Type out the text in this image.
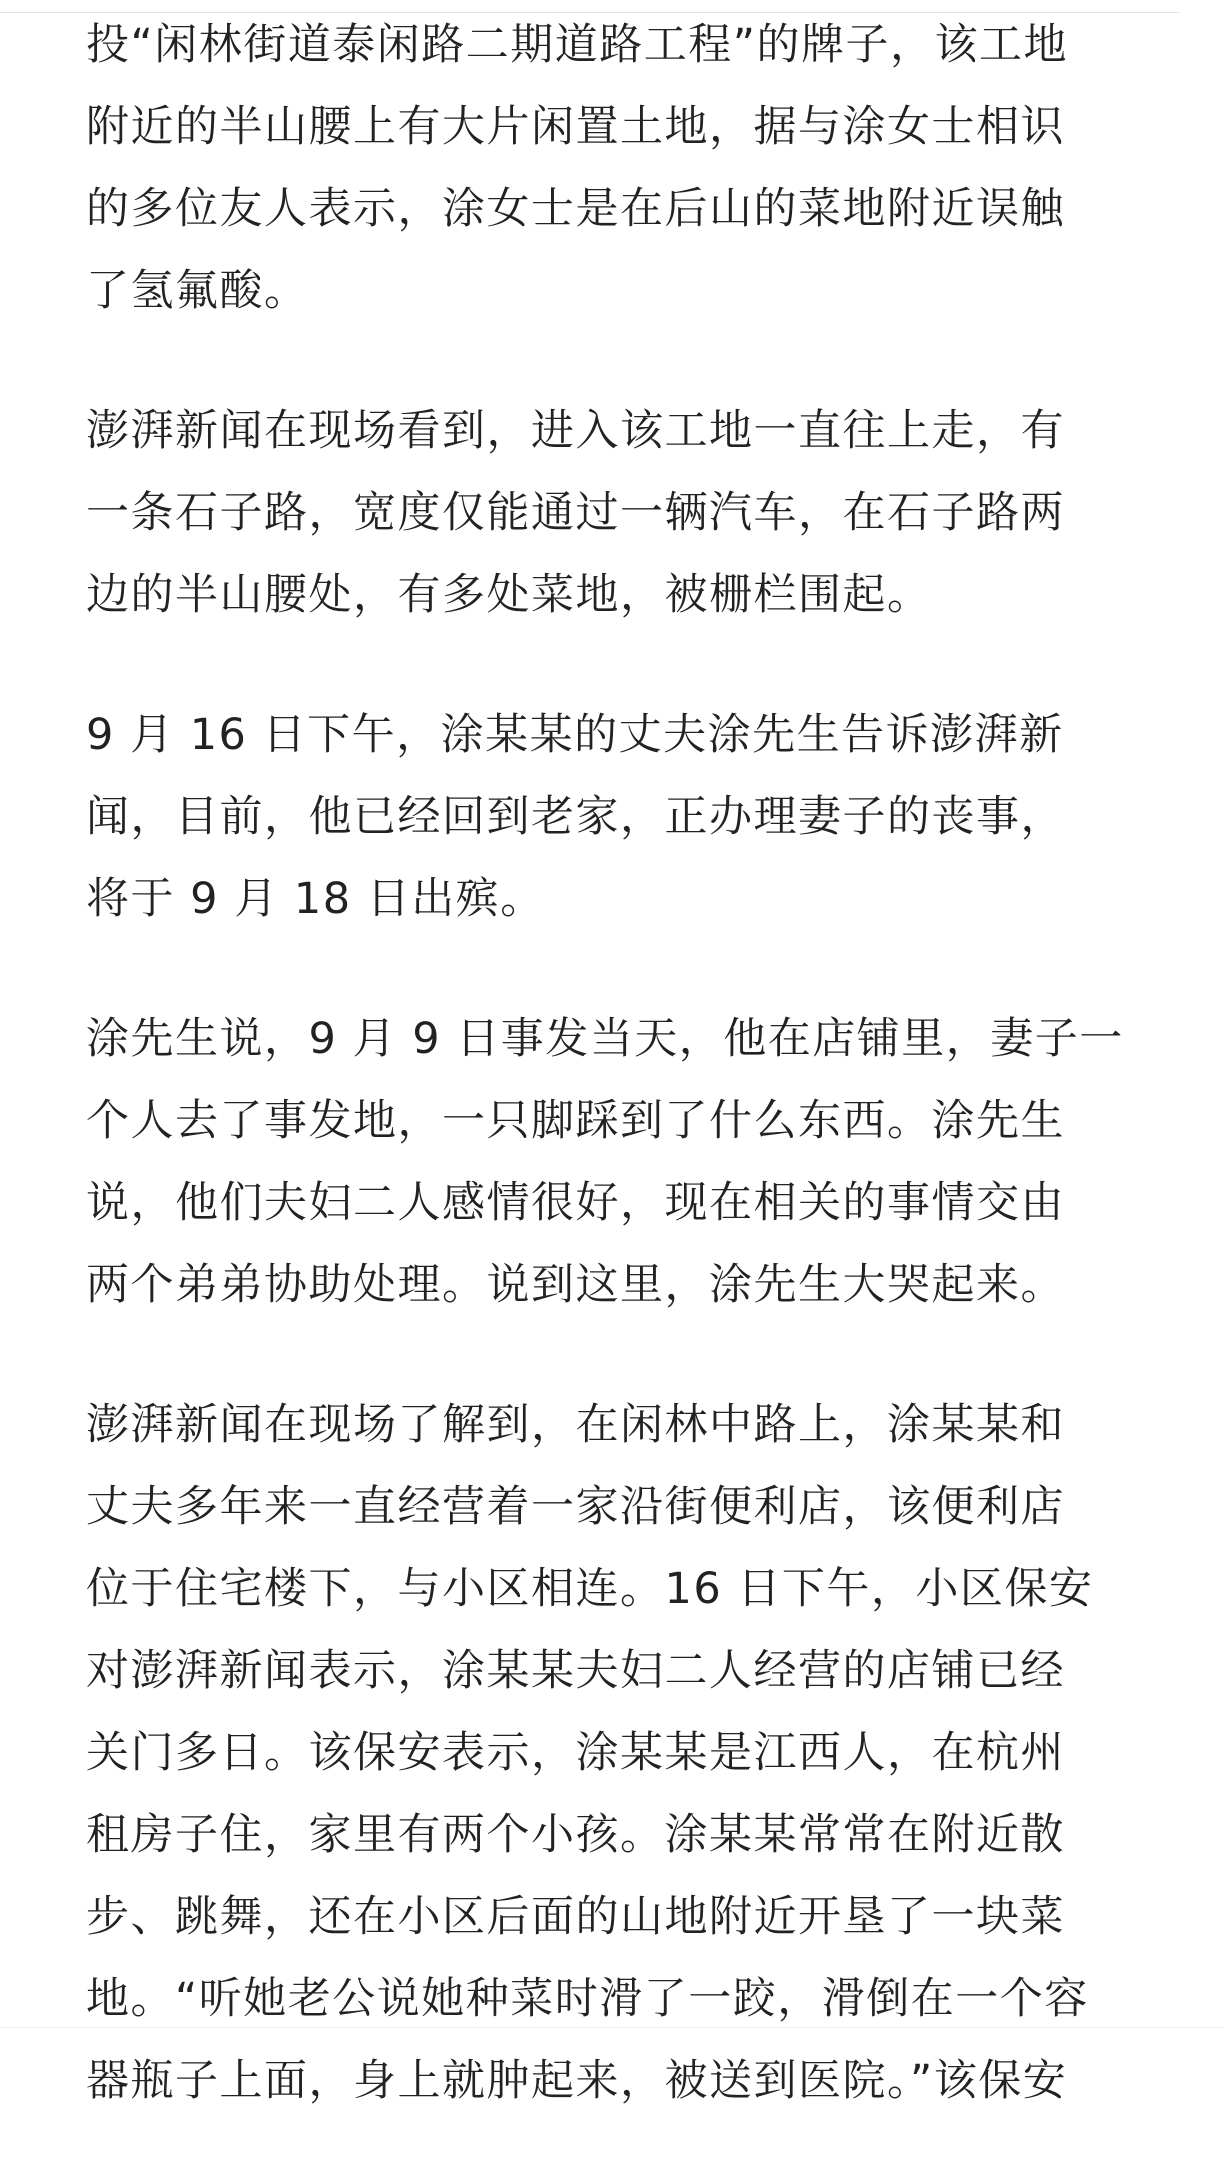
投“闲林街道泰闲路二期道路工程”的牌子，该工地
附近的半山腰上有大片闲置土地，据与涂女士相识
的多位友人表示，涂女士是在后山的菜地附近误触
了氢氟酸。

澎湃新闻在现场看到，进入该工地一直往上走，有
一条石子路，宽度仅能通过一辆汽车，在石子路两
边的半山腰处，有多处菜地，被栅栏围起。

9 月 16 日下午，涂某某的丈夫涂先生告诉澎湃新
闻，目前，他已经回到老家，正办理妻子的丧事，
将于 9 月 18 日出殡。

涂先生说，9 月 9 日事发当天，他在店铺里，妻子一
个人去了事发地，一只脚踩到了什么东西。涂先生
说，他们夫妇二人感情很好，现在相关的事情交由
两个弟弟协助处理。说到这里，涂先生大哭起来。

澎湃新闻在现场了解到，在闲林中路上，涂某某和
丈夫多年来一直经营着一家沿街便利店，该便利店
位于住宅楼下，与小区相连。16 日下午，小区保安
对澎湃新闻表示，涂某某夫妇二人经营的店铺已经
关门多日。该保安表示，涂某某是江西人，在杭州
租房子住，家里有两个小孩。涂某某常常在附近散
步、跳舞，还在小区后面的山地附近开垦了一块菜
地。“听她老公说她种菜时滑了一跤，滑倒在一个容
器瓶子上面，身上就肿起来，被送到医院。”该保安
